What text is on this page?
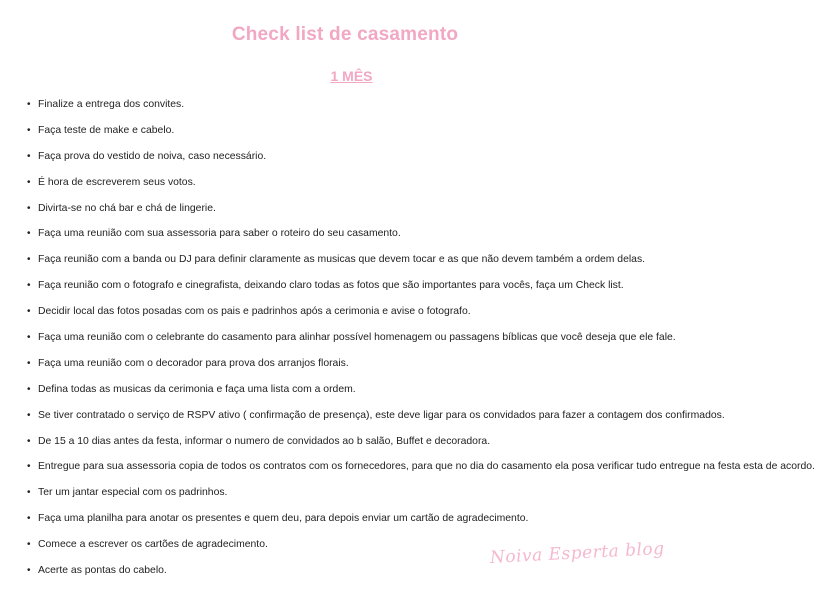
Check list de casamento
1 MÊS
• Finalize a entrega dos convites.
• Faça teste de make e cabelo.
• Faça prova do vestido de noiva, caso necessário.
• É hora de escreverem seus votos.
• Divirta-se no chá bar e chá de lingerie.
• Faça uma reunião com sua assessoria para saber o roteiro do seu casamento.
• Faça reunião com a banda ou DJ para definir claramente as musicas que devem tocar e as que não devem também a ordem delas.
• Faça reunião com o fotografo e cinegrafista, deixando claro todas as fotos que são importantes para vocês, faça um Check list.
• Decidir local das fotos posadas com os pais e padrinhos após a cerimonia e avise o fotografo.
• Faça uma reunião com o celebrante do casamento para alinhar possível homenagem ou passagens bíblicas que você deseja que ele fale.
• Faça uma reunião com o decorador para prova dos arranjos florais.
• Defina todas as musicas da cerimonia e faça uma lista com a ordem.
• Se tiver contratado o serviço de RSPV ativo ( confirmação de presença), este deve ligar para os convidados para fazer a contagem dos confirmados.
• De 15 a 10 dias antes da festa, informar o numero de convidados ao b salão, Buffet e decoradora.
• Entregue para sua assessoria copia de todos os contratos com os fornecedores, para que no dia do casamento ela posa verificar tudo entregue na festa esta de acordo.
• Ter um jantar especial com os padrinhos.
• Faça uma planilha para anotar os presentes e quem deu, para depois enviar um cartão de agradecimento.
• Comece a escrever os cartões de agradecimento.
• Acerte as pontas do cabelo.
Noiva Esperta blog
